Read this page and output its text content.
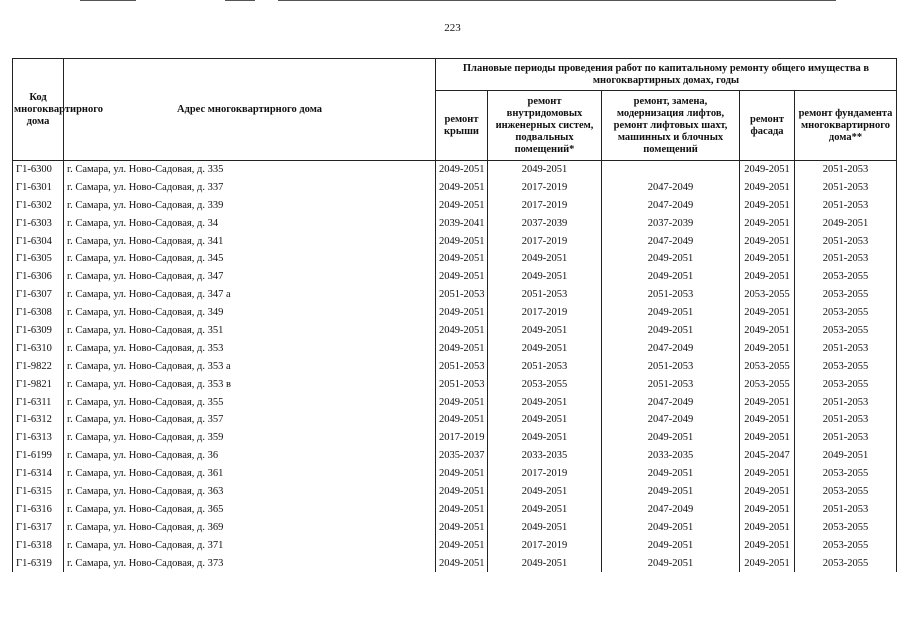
223
Код многоквартирного дома	Адрес многоквартирного дома	Плановые периоды проведения работ по капитальному ремонту общего имущества в многоквартирных домах, годы				
		ремонт крыши	ремонт внутридомовых инженерных систем, подвальных помещений*	ремонт, замена, модернизация лифтов, ремонт лифтовых шахт, машинных и блочных помещений	ремонт фасада	ремонт фундамента многоквартирного дома**
Г1-6300	г. Самара, ул. Ново-Садовая, д. 335	2049-2051	2049-2051		2049-2051	2051-2053
Г1-6301	г. Самара, ул. Ново-Садовая, д. 337	2049-2051	2017-2019	2047-2049	2049-2051	2051-2053
Г1-6302	г. Самара, ул. Ново-Садовая, д. 339	2049-2051	2017-2019	2047-2049	2049-2051	2051-2053
Г1-6303	г. Самара, ул. Ново-Садовая, д. 34	2039-2041	2037-2039	2037-2039	2049-2051	2049-2051
Г1-6304	г. Самара, ул. Ново-Садовая, д. 341	2049-2051	2017-2019	2047-2049	2049-2051	2051-2053
Г1-6305	г. Самара, ул. Ново-Садовая, д. 345	2049-2051	2049-2051	2049-2051	2049-2051	2051-2053
Г1-6306	г. Самара, ул. Ново-Садовая, д. 347	2049-2051	2049-2051	2049-2051	2049-2051	2053-2055
Г1-6307	г. Самара, ул. Ново-Садовая, д. 347 а	2051-2053	2051-2053	2051-2053	2053-2055	2053-2055
Г1-6308	г. Самара, ул. Ново-Садовая, д. 349	2049-2051	2017-2019	2049-2051	2049-2051	2053-2055
Г1-6309	г. Самара, ул. Ново-Садовая, д. 351	2049-2051	2049-2051	2049-2051	2049-2051	2053-2055
Г1-6310	г. Самара, ул. Ново-Садовая, д. 353	2049-2051	2049-2051	2047-2049	2049-2051	2051-2053
Г1-9822	г. Самара, ул. Ново-Садовая, д. 353 а	2051-2053	2051-2053	2051-2053	2053-2055	2053-2055
Г1-9821	г. Самара, ул. Ново-Садовая, д. 353 в	2051-2053	2053-2055	2051-2053	2053-2055	2053-2055
Г1-6311	г. Самара, ул. Ново-Садовая, д. 355	2049-2051	2049-2051	2047-2049	2049-2051	2051-2053
Г1-6312	г. Самара, ул. Ново-Садовая, д. 357	2049-2051	2049-2051	2047-2049	2049-2051	2051-2053
Г1-6313	г. Самара, ул. Ново-Садовая, д. 359	2017-2019	2049-2051	2049-2051	2049-2051	2051-2053
Г1-6199	г. Самара, ул. Ново-Садовая, д. 36	2035-2037	2033-2035	2033-2035	2045-2047	2049-2051
Г1-6314	г. Самара, ул. Ново-Садовая, д. 361	2049-2051	2017-2019	2049-2051	2049-2051	2053-2055
Г1-6315	г. Самара, ул. Ново-Садовая, д. 363	2049-2051	2049-2051	2049-2051	2049-2051	2053-2055
Г1-6316	г. Самара, ул. Ново-Садовая, д. 365	2049-2051	2049-2051	2047-2049	2049-2051	2051-2053
Г1-6317	г. Самара, ул. Ново-Садовая, д. 369	2049-2051	2049-2051	2049-2051	2049-2051	2053-2055
Г1-6318	г. Самара, ул. Ново-Садовая, д. 371	2049-2051	2017-2019	2049-2051	2049-2051	2053-2055
Г1-6319	г. Самара, ул. Ново-Садовая, д. 373	2049-2051	2049-2051	2049-2051	2049-2051	2053-2055
